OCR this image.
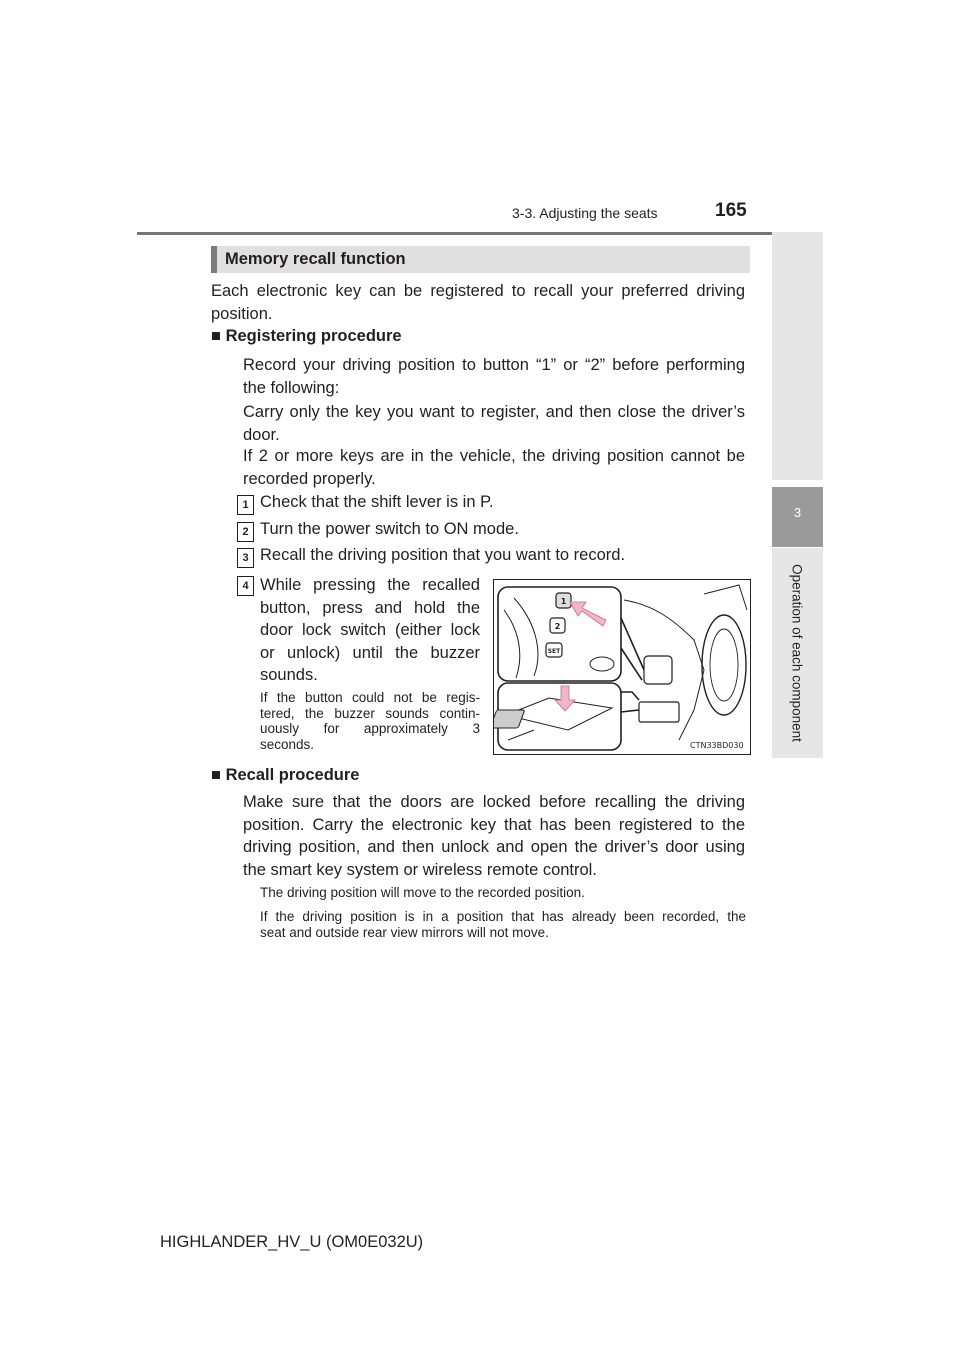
3-3. Adjusting the seats	165
3
Operation of each component
Memory recall function
Each electronic key can be registered to recall your preferred driving
position.
■ Registering procedure
Record your driving position to button “1” or “2” before performing
the following:
Carry only the key you want to register, and then close the driver’s
door.
If 2 or more keys are in the vehicle, the driving position cannot be
recorded properly.
1 Check that the shift lever is in P.
2 Turn the power switch to ON mode.
3 Recall the driving position that you want to record.
4 While pressing the recalled
button, press and hold the
door lock switch (either lock
or unlock) until the buzzer
sounds.
If the button could not be regis-
tered, the buzzer sounds contin-
uously for approximately 3
seconds.
1
2
SET
CTN33BD030
■ Recall procedure
Make sure that the doors are locked before recalling the driving
position. Carry the electronic key that has been registered to the
driving position, and then unlock and open the driver’s door using
the smart key system or wireless remote control.
The driving position will move to the recorded position.
If the driving position is in a position that has already been recorded, the
seat and outside rear view mirrors will not move.
HIGHLANDER_HV_U (OM0E032U)
